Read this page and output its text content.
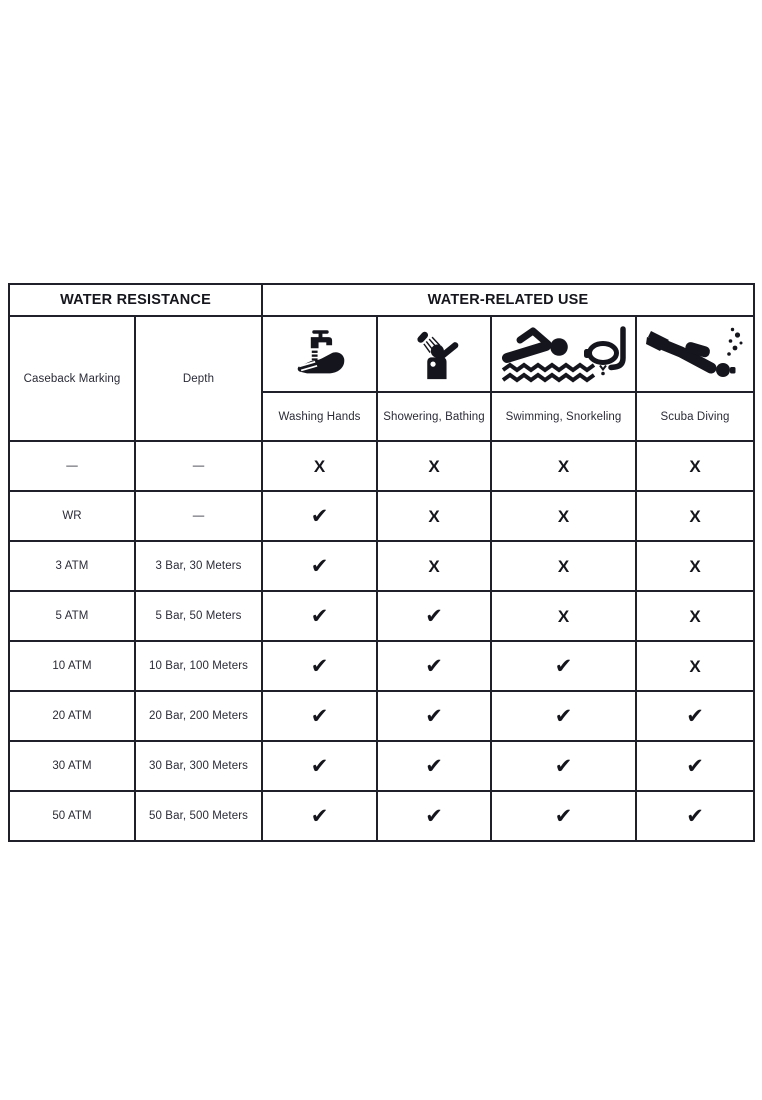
WATER RESISTANCE		WATER-RELATED USE			
Caseback Marking	Depth	

		Washing Hands	Showering, Bathing	Swimming, Snorkeling	Scuba Diving
—	—	X	X	X	X
WR	—	✔	X	X	X
3 ATM	3 Bar, 30 Meters	✔	X	X	X
5 ATM	5 Bar, 50 Meters	✔	✔	X	X
10 ATM	10 Bar, 100 Meters	✔	✔	✔	X
20 ATM	20 Bar, 200 Meters	✔	✔	✔	✔
30 ATM	30 Bar, 300 Meters	✔	✔	✔	✔
50 ATM	50 Bar, 500 Meters	✔	✔	✔	✔
